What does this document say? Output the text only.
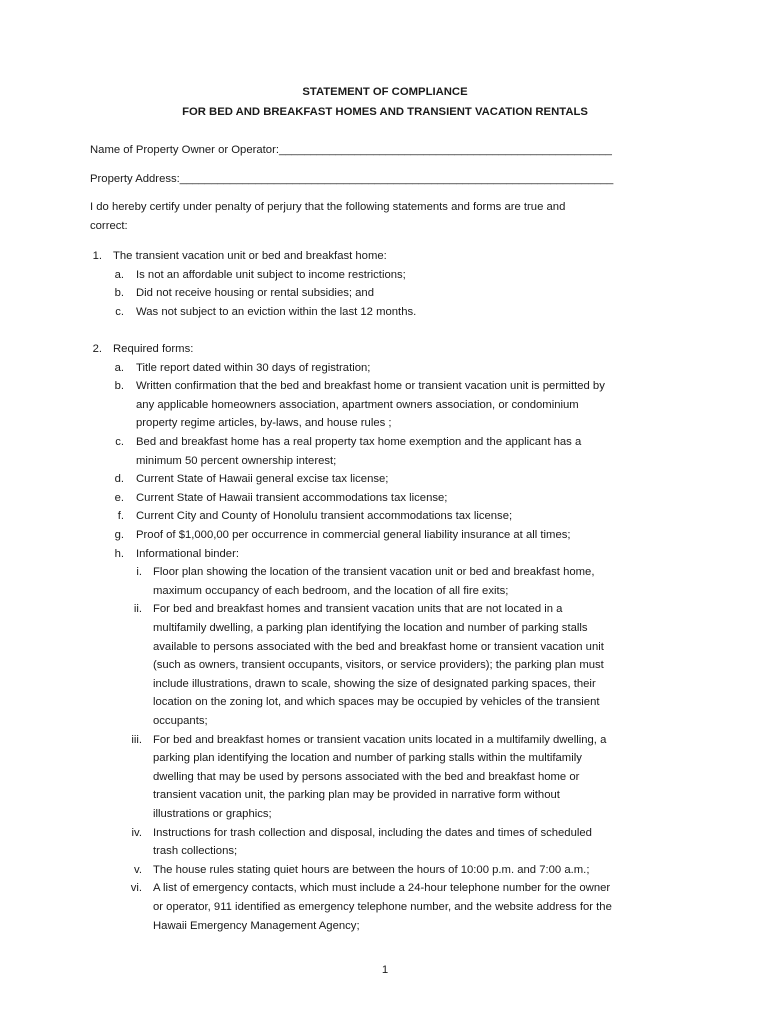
STATEMENT OF COMPLIANCE
FOR BED AND BREAKFAST HOMES AND TRANSIENT VACATION RENTALS
Name of Property Owner or Operator:_____________________________________________________
Property Address:_____________________________________________________________________
I do hereby certify under penalty of perjury that the following statements and forms are true and
correct:
1. The transient vacation unit or bed and breakfast home:
a. Is not an affordable unit subject to income restrictions;
b. Did not receive housing or rental subsidies; and
c. Was not subject to an eviction within the last 12 months.
2. Required forms:
a. Title report dated within 30 days of registration;
b. Written confirmation that the bed and breakfast home or transient vacation unit is permitted by
any applicable homeowners association, apartment owners association, or condominium
property regime articles, by-laws, and house rules ;
c. Bed and breakfast home has a real property tax home exemption and the applicant has a
minimum 50 percent ownership interest;
d. Current State of Hawaii general excise tax license;
e. Current State of Hawaii transient accommodations tax license;
f. Current City and County of Honolulu transient accommodations tax license;
g. Proof of $1,000,00 per occurrence in commercial general liability insurance at all times;
h. Informational binder:
i. Floor plan showing the location of the transient vacation unit or bed and breakfast home,
maximum occupancy of each bedroom, and the location of all fire exits;
ii. For bed and breakfast homes and transient vacation units that are not located in a
multifamily dwelling, a parking plan identifying the location and number of parking stalls
available to persons associated with the bed and breakfast home or transient vacation unit
(such as owners, transient occupants, visitors, or service providers); the parking plan must
include illustrations, drawn to scale, showing the size of designated parking spaces, their
location on the zoning lot, and which spaces may be occupied by vehicles of the transient
occupants;
iii. For bed and breakfast homes or transient vacation units located in a multifamily dwelling, a
parking plan identifying the location and number of parking stalls within the multifamily
dwelling that may be used by persons associated with the bed and breakfast home or
transient vacation unit, the parking plan may be provided in narrative form without
illustrations or graphics;
iv. Instructions for trash collection and disposal, including the dates and times of scheduled
trash collections;
v. The house rules stating quiet hours are between the hours of 10:00 p.m. and 7:00 a.m.;
vi. A list of emergency contacts, which must include a 24-hour telephone number for the owner
or operator, 911 identified as emergency telephone number, and the website address for the
Hawaii Emergency Management Agency;
1
